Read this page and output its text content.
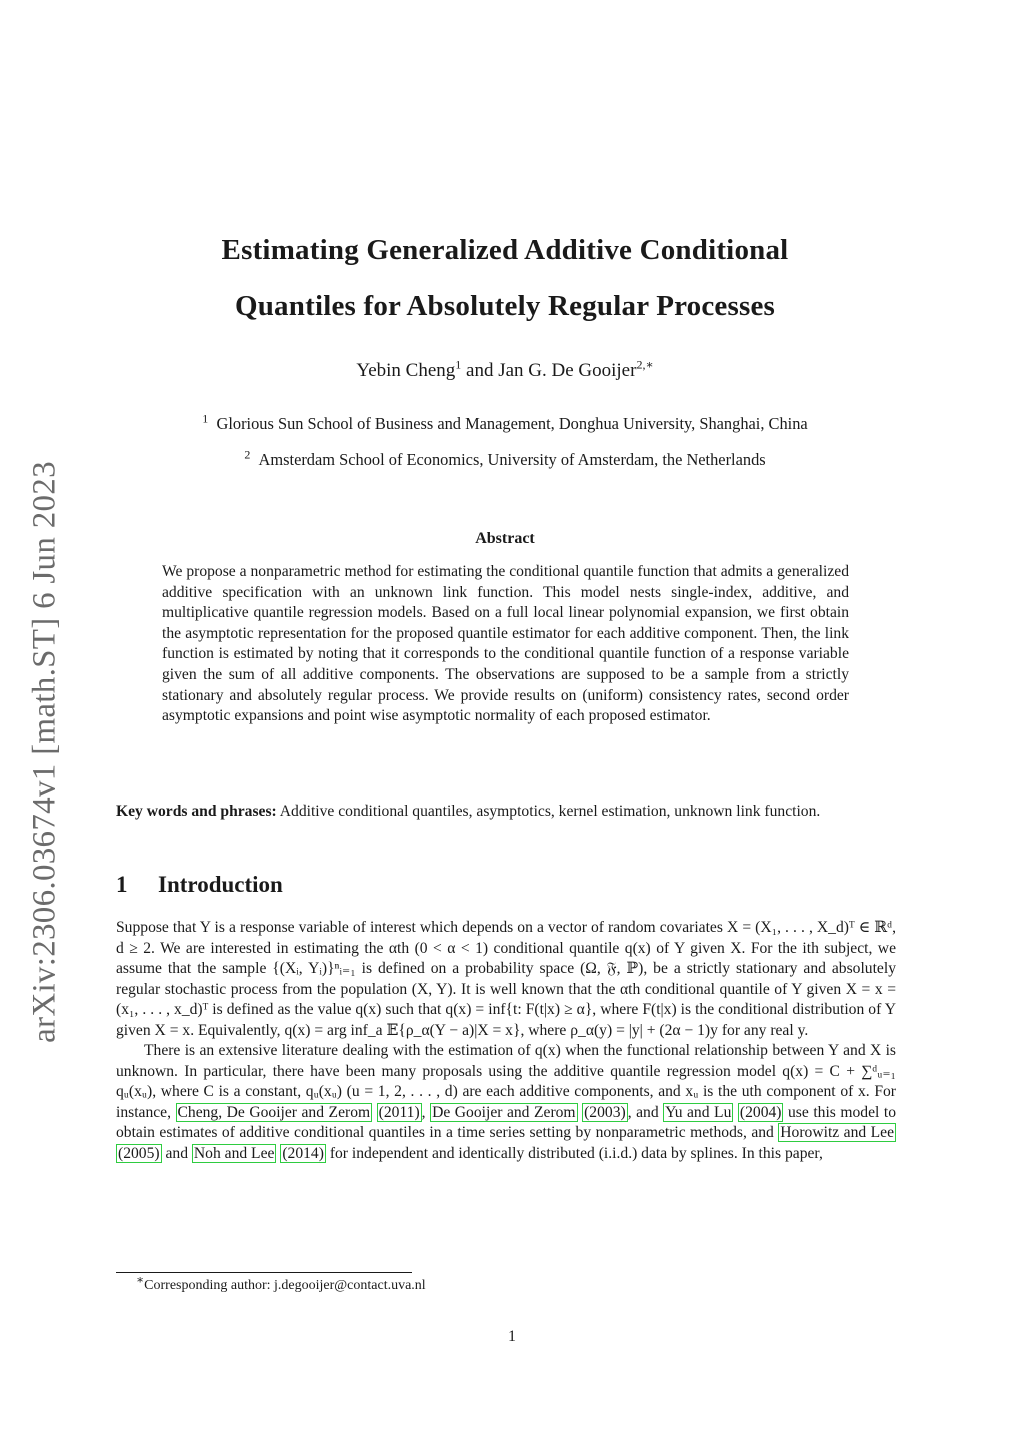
arXiv:2306.03674v1 [math.ST] 6 Jun 2023
Estimating Generalized Additive Conditional
Quantiles for Absolutely Regular Processes
Yebin Cheng$^1$ and Jan G. De Gooijer$^{2,∗}$
$^1$ Glorious Sun School of Business and Management, Donghua University, Shanghai, China
$^2$ Amsterdam School of Economics, University of Amsterdam, the Netherlands
Abstract
We propose a nonparametric method for estimating the conditional quantile function that admits a generalized additive specification with an unknown link function. This model nests single-index, additive, and multiplicative quantile regression models. Based on a full local linear polynomial expansion, we first obtain the asymptotic representation for the proposed quantile estimator for each additive component. Then, the link function is estimated by noting that it corresponds to the conditional quantile function of a response variable given the sum of all additive components. The observations are supposed to be a sample from a strictly stationary and absolutely regular process. We provide results on (uniform) consistency rates, second order asymptotic expansions and point wise asymptotic normality of each proposed estimator.
Key words and phrases: Additive conditional quantiles, asymptotics, kernel estimation, unknown link function.
1 Introduction

Suppose that Y is a response variable of interest which depends on a vector of random covariates X = (X₁, . . . , X_d)ᵀ ∈ ℝᵈ, d ≥ 2. We are interested in estimating the αth (0 < α < 1) conditional quantile q(x) of Y given X. For the ith subject, we assume that the sample {(Xᵢ, Yᵢ)}ⁿᵢ₌₁ is defined on a probability space (Ω, 𝔉, ℙ), be a strictly stationary and absolutely regular stochastic process from the population (X, Y). It is well known that the αth conditional quantile of Y given X = x = (x₁, . . . , x_d)ᵀ is defined as the value q(x) such that q(x) = inf{t: F(t|x) ≥ α}, where F(t|x) is the conditional distribution of Y given X = x. Equivalently, q(x) = arg inf_a 𝔼{ρ_α(Y − a)|X = x}, where ρ_α(y) = |y| + (2α − 1)y for any real y.

There is an extensive literature dealing with the estimation of q(x) when the functional relationship between Y and X is unknown. In particular, there have been many proposals using the additive quantile regression model q(x) = C + ∑ᵈᵤ₌₁ qᵤ(xᵤ), where C is a constant, qᵤ(xᵤ) (u = 1, 2, . . . , d) are each additive components, and xᵤ is the uth component of x. For instance, Cheng, De Gooijer and Zerom (2011) , De Gooijer and Zerom (2003) , and Yu and Lu (2004) use this model to obtain estimates of additive conditional quantiles in a time series setting by nonparametric methods, and Horowitz and Lee (2005) and Noh and Lee (2014) for independent and identically distributed (i.i.d.) data by splines. In this paper,

∗Corresponding author: j.degooijer@contact.uva.nl
1
